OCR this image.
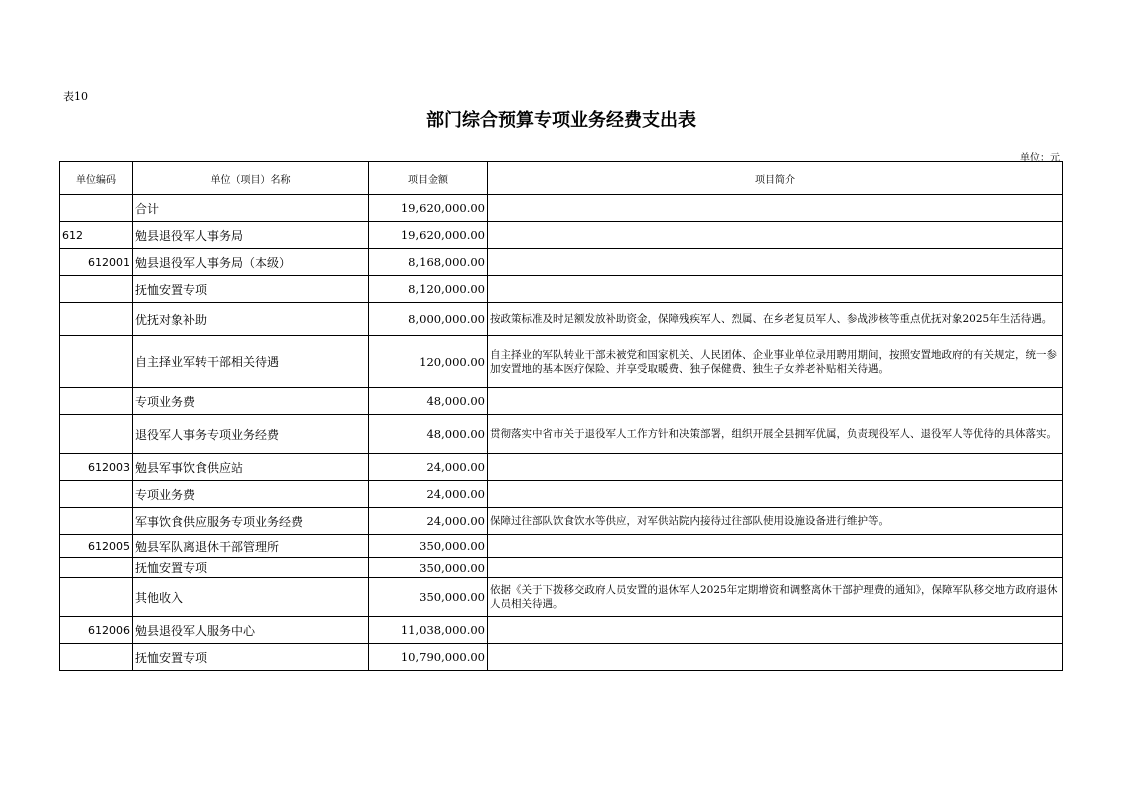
表10
部门综合预算专项业务经费支出表
单位：元
单位编码	单位（项目）名称	项目金额	项目简介
	合计	19,620,000.00	
612	勉县退役军人事务局	19,620,000.00	
612001	勉县退役军人事务局（本级）	8,168,000.00	
	抚恤安置专项	8,120,000.00	
	优抚对象补助	8,000,000.00	按政策标准及时足额发放补助资金，保障残疾军人、烈属、在乡老复员军人、参战涉核等重点优抚对象2025年生活待遇。
	自主择业军转干部相关待遇	120,000.00	自主择业的军队转业干部未被党和国家机关、人民团体、企业事业单位录用聘用期间，按照安置地政府的有关规定，统一参加安置地的基本医疗保险、并享受取暖费、独子保健费、独生子女养老补贴相关待遇。
	专项业务费	48,000.00	
	退役军人事务专项业务经费	48,000.00	贯彻落实中省市关于退役军人工作方针和决策部署，组织开展全县拥军优属，负责现役军人、退役军人等优待的具体落实。
612003	勉县军事饮食供应站	24,000.00	
	专项业务费	24,000.00	
	军事饮食供应服务专项业务经费	24,000.00	保障过往部队饮食饮水等供应，对军供站院内接待过往部队使用设施设备进行维护等。
612005	勉县军队离退休干部管理所	350,000.00	
	抚恤安置专项	350,000.00	
	其他收入	350,000.00	依据《关于下拨移交政府人员安置的退休军人2025年定期增资和调整离休干部护理费的通知》，保障军队移交地方政府退休人员相关待遇。
612006	勉县退役军人服务中心	11,038,000.00	
	抚恤安置专项	10,790,000.00	
